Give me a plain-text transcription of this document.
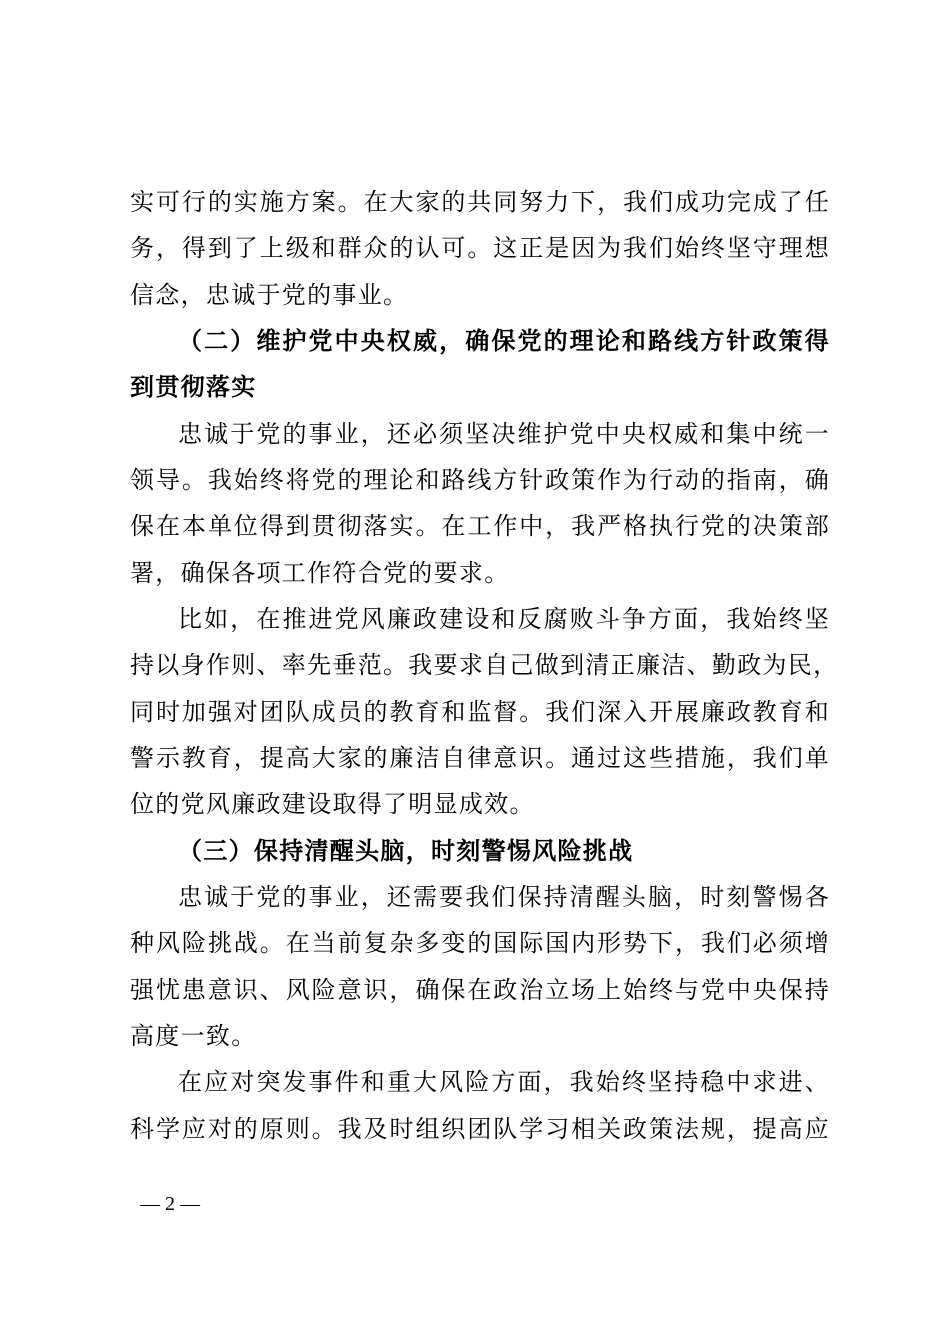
实可行的实施方案。在大家的共同努力下，我们成功完成了任
务，得到了上级和群众的认可。这正是因为我们始终坚守理想
信念，忠诚于党的事业。
（二）维护党中央权威，确保党的理论和路线方针政策得
到贯彻落实
忠诚于党的事业，还必须坚决维护党中央权威和集中统一
领导。我始终将党的理论和路线方针政策作为行动的指南，确
保在本单位得到贯彻落实。在工作中，我严格执行党的决策部
署，确保各项工作符合党的要求。
比如，在推进党风廉政建设和反腐败斗争方面，我始终坚
持以身作则、率先垂范。我要求自己做到清正廉洁、勤政为民，
同时加强对团队成员的教育和监督。我们深入开展廉政教育和
警示教育，提高大家的廉洁自律意识。通过这些措施，我们单
位的党风廉政建设取得了明显成效。
（三）保持清醒头脑，时刻警惕风险挑战
忠诚于党的事业，还需要我们保持清醒头脑，时刻警惕各
种风险挑战。在当前复杂多变的国际国内形势下，我们必须增
强忧患意识、风险意识，确保在政治立场上始终与党中央保持
高度一致。
在应对突发事件和重大风险方面，我始终坚持稳中求进、
科学应对的原则。我及时组织团队学习相关政策法规，提高应
— 2 —
